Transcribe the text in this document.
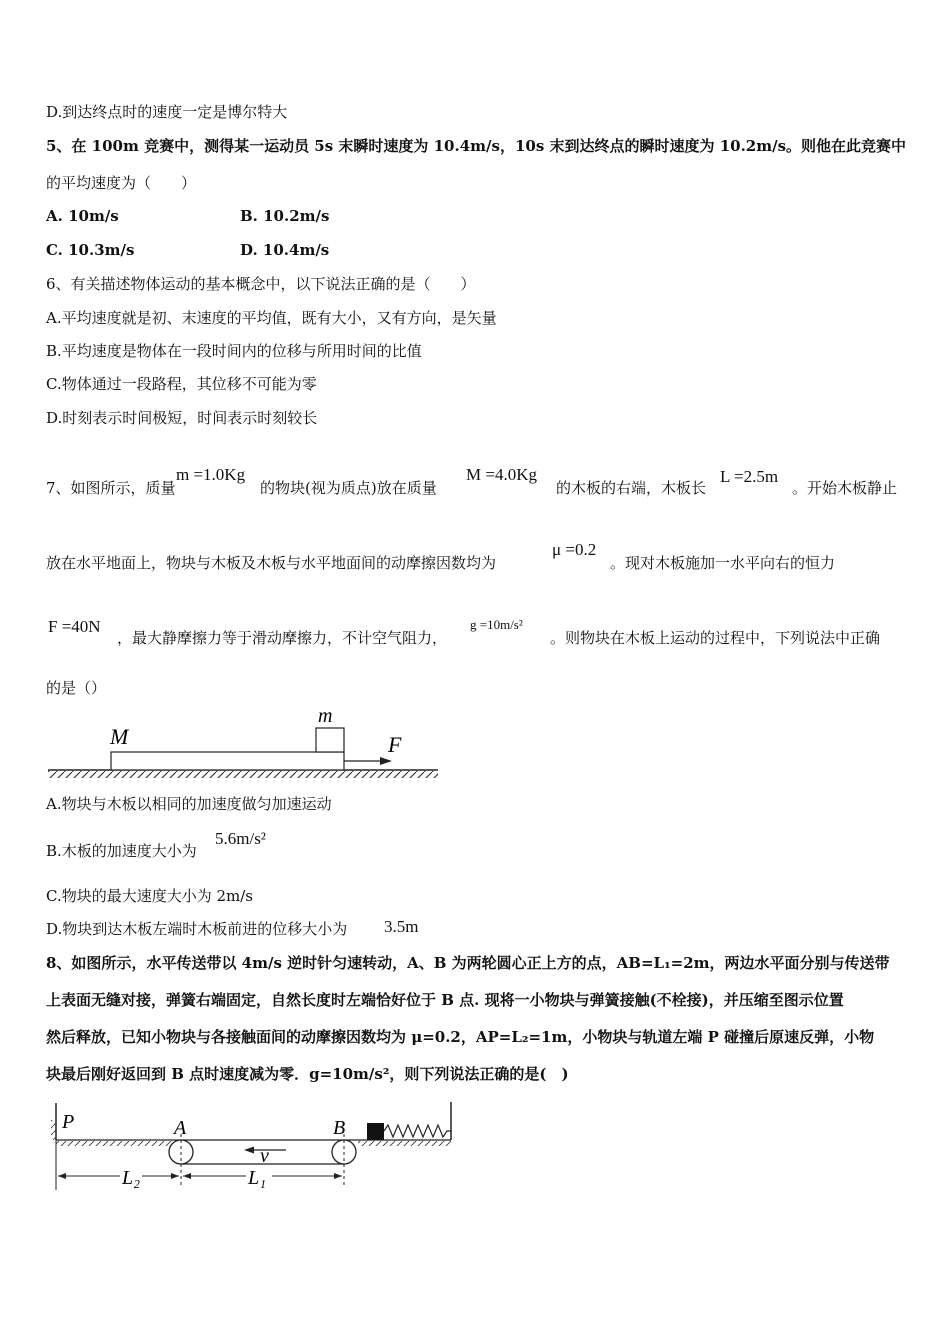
D.到达终点时的速度一定是博尔特大
5、在 100m 竞赛中，测得某一运动员 5s 末瞬时速度为 10.4m/s，10s 末到达终点的瞬时速度为 10.2m/s。则他在此竞赛中
的平均速度为（　　）
A. 10m/s	B. 10.2m/s
C. 10.3m/s	D. 10.4m/s
6、有关描述物体运动的基本概念中，以下说法正确的是（　　）
A.平均速度就是初、末速度的平均值，既有大小，又有方向，是矢量
B.平均速度是物体在一段时间内的位移与所用时间的比值
C.物体通过一段路程，其位移不可能为零
D.时刻表示时间极短，时间表示时刻较长
7、如图所示，质量
m =1.0Kg
的物块(视为质点)放在质量
M =4.0Kg
的木板的右端，木板长
L =2.5m
。开始木板静止
放在水平地面上，物块与木板及木板与水平地面间的动摩擦因数均为
μ =0.2
。现对木板施加一水平向右的恒力
F =40N
，最大静摩擦力等于滑动摩擦力，不计空气阻力，
g =10m/s²
。则物块在木板上运动的过程中，下列说法中正确
的是（）
M
m
F
A.物块与木板以相同的加速度做匀加速运动
B.木板的加速度大小为
5.6m/s²
C.物块的最大速度大小为 2m/s
D.物块到达木板左端时木板前进的位移大小为 3.5m
8、如图所示，水平传送带以 4m/s 逆时针匀速转动，A、B 为两轮圆心正上方的点，AB=L₁=2m，两边水平面分别与传送带
上表面无缝对接，弹簧右端固定，自然长度时左端恰好位于 B 点. 现将一小物块与弹簧接触(不栓接)，并压缩至图示位置
然后释放，已知小物块与各接触面间的动摩擦因数均为 μ=0.2，AP=L₂=1m，小物块与轨道左端 P 碰撞后原速反弹，小物
块最后刚好返回到 B 点时速度减为零．g=10m/s²，则下列说法正确的是(　)
P	A	B
v
L₂	L₁
